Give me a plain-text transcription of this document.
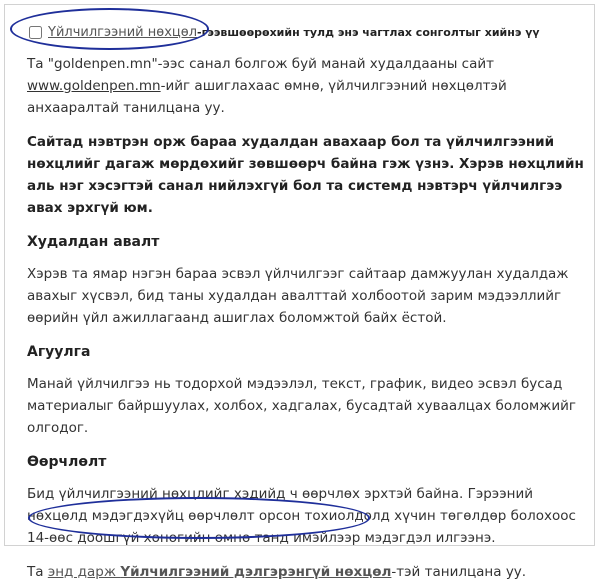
Үйлчилгээний нөхцөл -гээвшөөрөхийн тулд энэ чагтлах сонголтыг хийнэ үү

Та "goldenpen.mn"-ээс санал болгож буй манай худалдааны сайт www.goldenpen.mn-ийг ашиглахаас өмнө, үйлчилгээний нөхцөлтэй анхааралтай танилцана уу.

Сайтад нэвтрэн орж бараа худалдан авахаар бол та үйлчилгээний нөхцлийг дагаж мөрдөхийг зөвшөөрч байна гэж үзнэ. Хэрэв нөхцлийн аль нэг хэсэгтэй санал нийлэхгүй бол та системд нэвтэрч үйлчилгээ авах эрхгүй юм.

Худалдан авалт

Хэрэв та ямар нэгэн бараа эсвэл үйлчилгээг сайтаар дамжуулан худалдаж авахыг хүсвэл, бид таны худалдан авалттай холбоотой зарим мэдээллийг өөрийн үйл ажиллагаанд ашиглах боломжтой байх ёстой.

Агуулга

Манай үйлчилгээ нь тодорхой мэдээлэл, текст, график, видео эсвэл бусад материалыг байршуулах, холбох, хадгалах, бусадтай хуваалцах боломжийг олгодог.

Өөрчлөлт

Бид үйлчилгээний нөхцлийг хэдийд ч өөрчлөх эрхтэй байна. Гэрээний нөхцөлд мэдэгдэхүйц өөрчлөлт орсон тохиолдолд хүчин төгөлдөр болохоос 14-өөс доошгүй хоногийн өмнө танд имэйлээр мэдэгдэл илгээнэ.

Та энд дарж Үйлчилгээний дэлгэрэнгүй нөхцөл-тэй танилцана уу.
